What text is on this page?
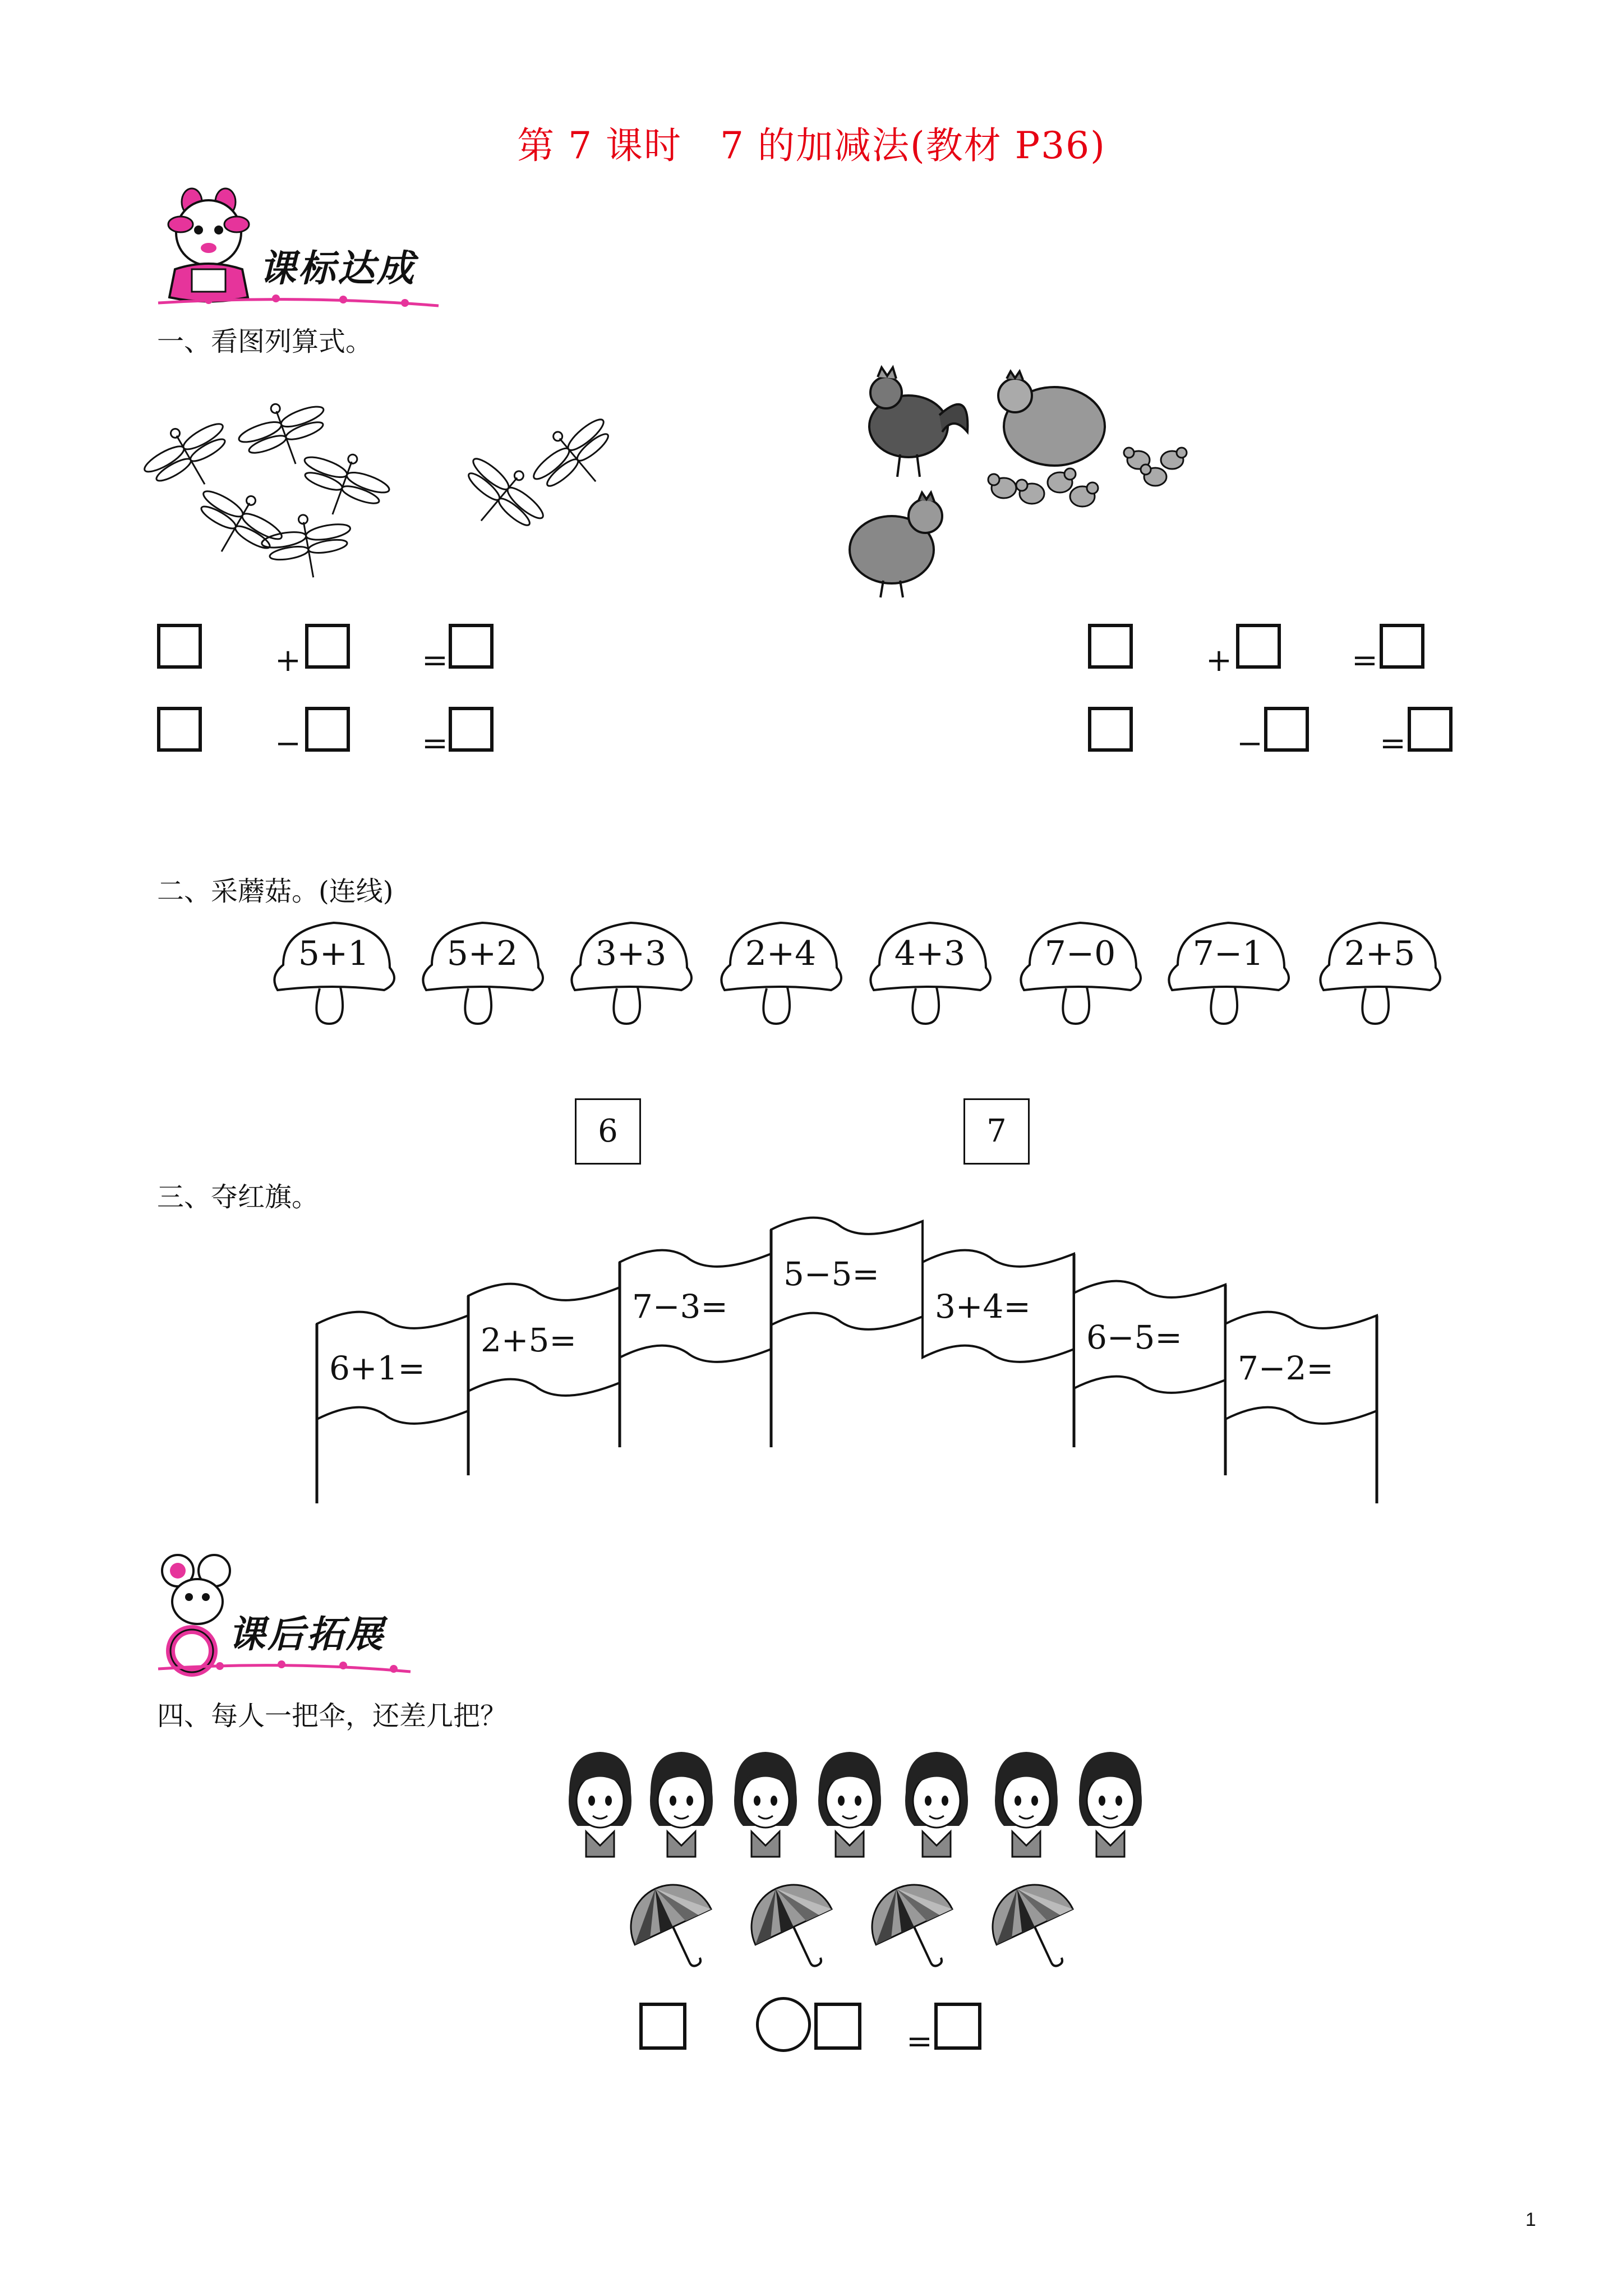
第 7 课时　7 的加减法(教材 P36)
课标达成
一、看图列算式。
+	=
−	=
+	=
−	=
二、采蘑菇。(连线)
5+1	5+2	3+3	2+4	4+3	7−0	7−1	2+5
6	7
三、夺红旗。
6+1=
2+5=
7−3=
5−5=
3+4=
6−5=
7−2=
课后拓展
四、每人一把伞，还差几把？
=
1
